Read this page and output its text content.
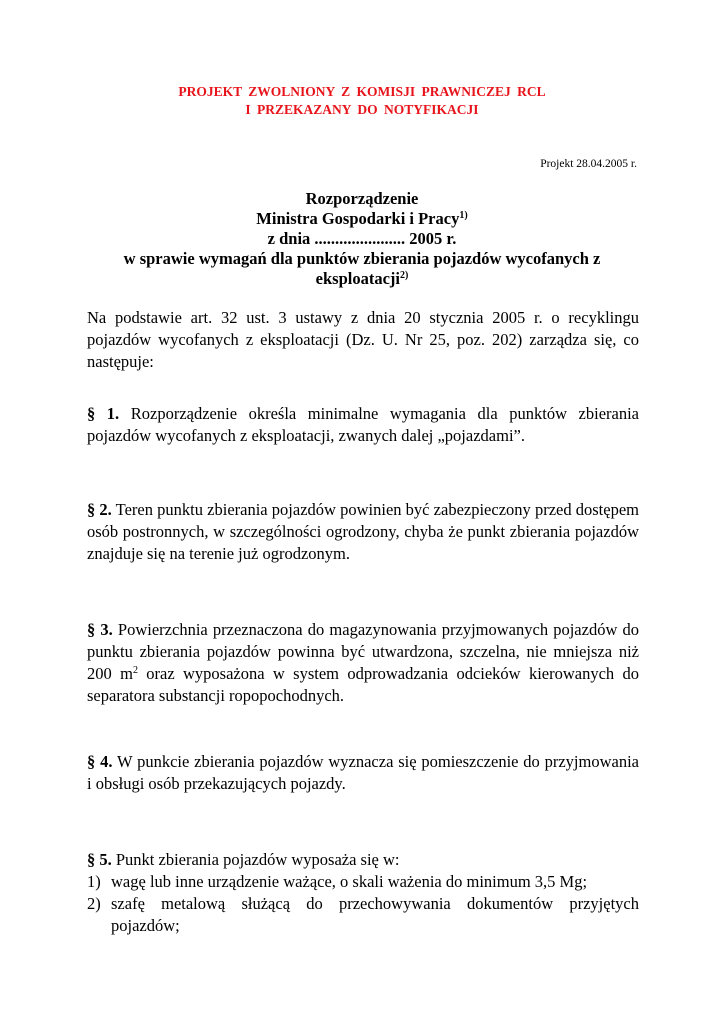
PROJEKT ZWOLNIONY Z KOMISJI PRAWNICZEJ RCL
I PRZEKAZANY DO NOTYFIKACJI
Projekt 28.04.2005 r.
Rozporządzenie
Ministra Gospodarki i Pracy$^{1)}$
z dnia ...................... 2005 r.
w sprawie wymagań dla punktów zbierania pojazdów wycofanych z
eksploatacji$^{2)}$
Na podstawie art. 32 ust. 3 ustawy z dnia 20 stycznia 2005 r. o recyklingu pojazdów wycofanych z eksploatacji (Dz. U. Nr 25, poz. 202) zarządza się, co następuje:
§ 1. Rozporządzenie określa minimalne wymagania dla punktów zbierania pojazdów wycofanych z eksploatacji, zwanych dalej „pojazdami”.
§ 2. Teren punktu zbierania pojazdów powinien być zabezpieczony przed dostępem osób postronnych, w szczególności ogrodzony, chyba że punkt zbierania pojazdów znajduje się na terenie już ogrodzonym.
§ 3. Powierzchnia przeznaczona do magazynowania przyjmowanych pojazdów do punktu zbierania pojazdów powinna być utwardzona, szczelna, nie mniejsza niż 200 $m^2$ oraz wyposażona w system odprowadzania odcieków kierowanych do separatora substancji ropopochodnych.
§ 4. W punkcie zbierania pojazdów wyznacza się pomieszczenie do przyjmowania i obsługi osób przekazujących pojazdy.
§ 5. Punkt zbierania pojazdów wyposaża się w:
1) wagę lub inne urządzenie ważące, o skali ważenia do minimum 3,5 Mg;
2) szafę metalową służącą do przechowywania dokumentów przyjętych pojazdów;
